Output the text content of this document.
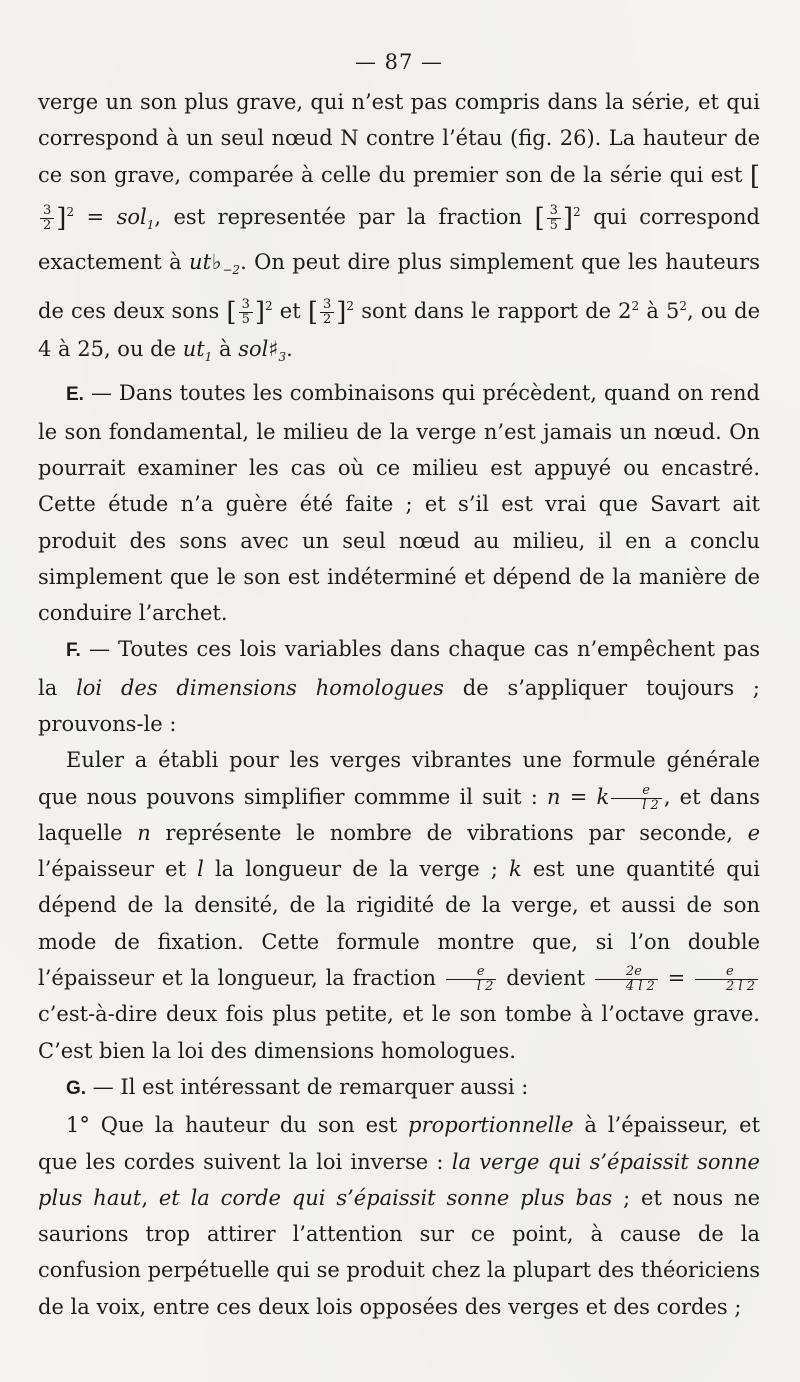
— 87 —

verge un son plus grave, qui n’est pas compris dans la série, et qui correspond à un seul nœud N contre l’étau (fig. 26). La hauteur de ce son grave, comparée à celle du premier son de la série qui est [
$\frac{3}{2} ]^2 = sol_1$, est representée par la fraction [ $\frac{3}{5} ]^2$ qui correspond exactement à $ut♭_{-2}$. On peut dire plus simplement que les hauteurs de ces deux sons [ $\frac{3}{5} ]^2$ et [ $\frac{3}{2} ]^2$ sont dans le rapport de $2^2$ à $5^2$, ou de 4 à 25, ou de $ut_1$ à $sol♯_3$.

E. — Dans toutes les combinaisons qui précèdent, quand on rend le son fondamental, le milieu de la verge n’est jamais un nœud. On pourrait examiner les cas où ce milieu est appuyé ou encastré. Cette étude n’a guère été faite ; et s’il est vrai que Savart ait produit des sons avec un seul nœud au milieu, il en a conclu simplement que le son est indéterminé et dépend de la manière de conduire l’archet.

F. — Toutes ces lois variables dans chaque cas n’empêchent pas la loi des dimensions homologues de s’appliquer toujours ; prouvons-le :

Euler a établi pour les verges vibrantes une formule générale que nous pouvons simplifier commme il suit : n = k $\frac{e}{l 2}$ , et dans laquelle n représente le nombre de vibrations par seconde, e l’épaisseur et l la longueur de la verge ; k est une quantité qui dépend de la densité, de la rigidité de la verge, et aussi de son mode de fixation. Cette formule montre que, si l’on double l’épaisseur et la longueur, la fraction $\frac{e}{l 2}$ devient $\frac{2e}{4 l 2} = \frac{e}{2 l 2}$
c’est-à-dire deux fois plus petite, et le son tombe à l’octave grave. C’est bien la loi des dimensions homologues.

G. — Il est intéressant de remarquer aussi :

1° Que la hauteur du son est proportionnelle à l’épaisseur, et que les cordes suivent la loi inverse : la verge qui s’épaissit sonne plus haut, et la corde qui s’épaissit sonne plus bas ; et nous ne saurions trop attirer l’attention sur ce point, à cause de la confusion perpétuelle qui se produit chez la plupart des théoriciens de la voix, entre ces deux lois opposées des verges et des cordes ;
